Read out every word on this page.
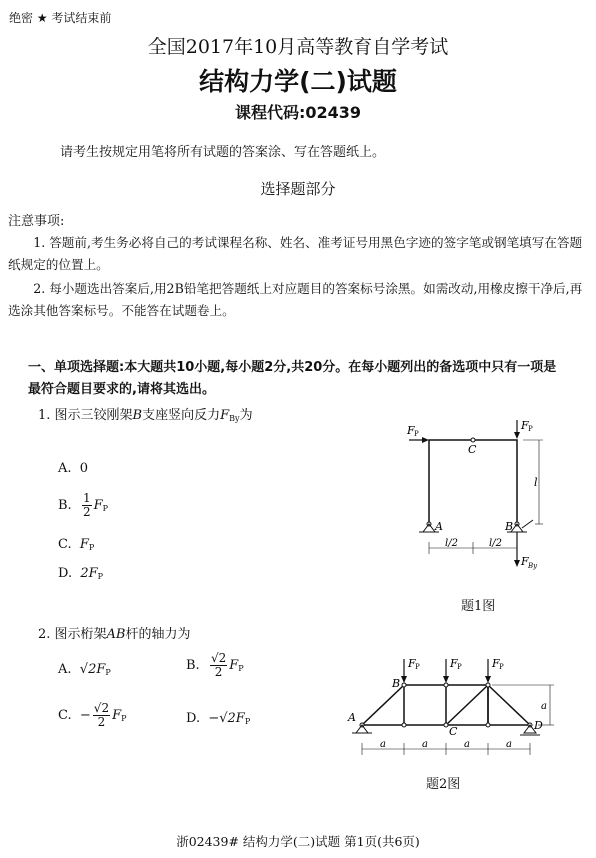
绝密 ★ 考试结束前
全国2017年10月高等教育自学考试
结构力学(二)试题
课程代码:02439
请考生按规定用笔将所有试题的答案涂、写在答题纸上。
选择题部分
注意事项:
1. 答题前,考生务必将自己的考试课程名称、姓名、准考证号用黑色字迹的签字笔或钢笔填写在答题纸规定的位置上。
2. 每小题选出答案后,用2B铅笔把答题纸上对应题目的答案标号涂黑。如需改动,用橡皮擦干净后,再选涂其他答案标号。不能答在试题卷上。
一、单项选择题:本大题共10小题,每小题2分,共20分。在每小题列出的备选项中只有一项是最符合题目要求的,请将其选出。
1. 图示三铰刚架B支座竖向反力$F_{By}$为
A. 0
B. $\frac{1}{2} F_P$
C. $F_P$
D. $2F_P$
F P
F P
C
A	B
l
l/2	l/2
F By
题1图
2. 图示桁架AB杆的轴力为
A. $√2F_P$	B. $\frac{√2}{2} F_P$
C. − $\frac{√2}{2} F_P$	D. $-√2F_P$
F P	F P	F P
A
B
C	D
a
a	a	a	a
题2图
浙02439# 结构力学(二)试题 第1页(共6页)
